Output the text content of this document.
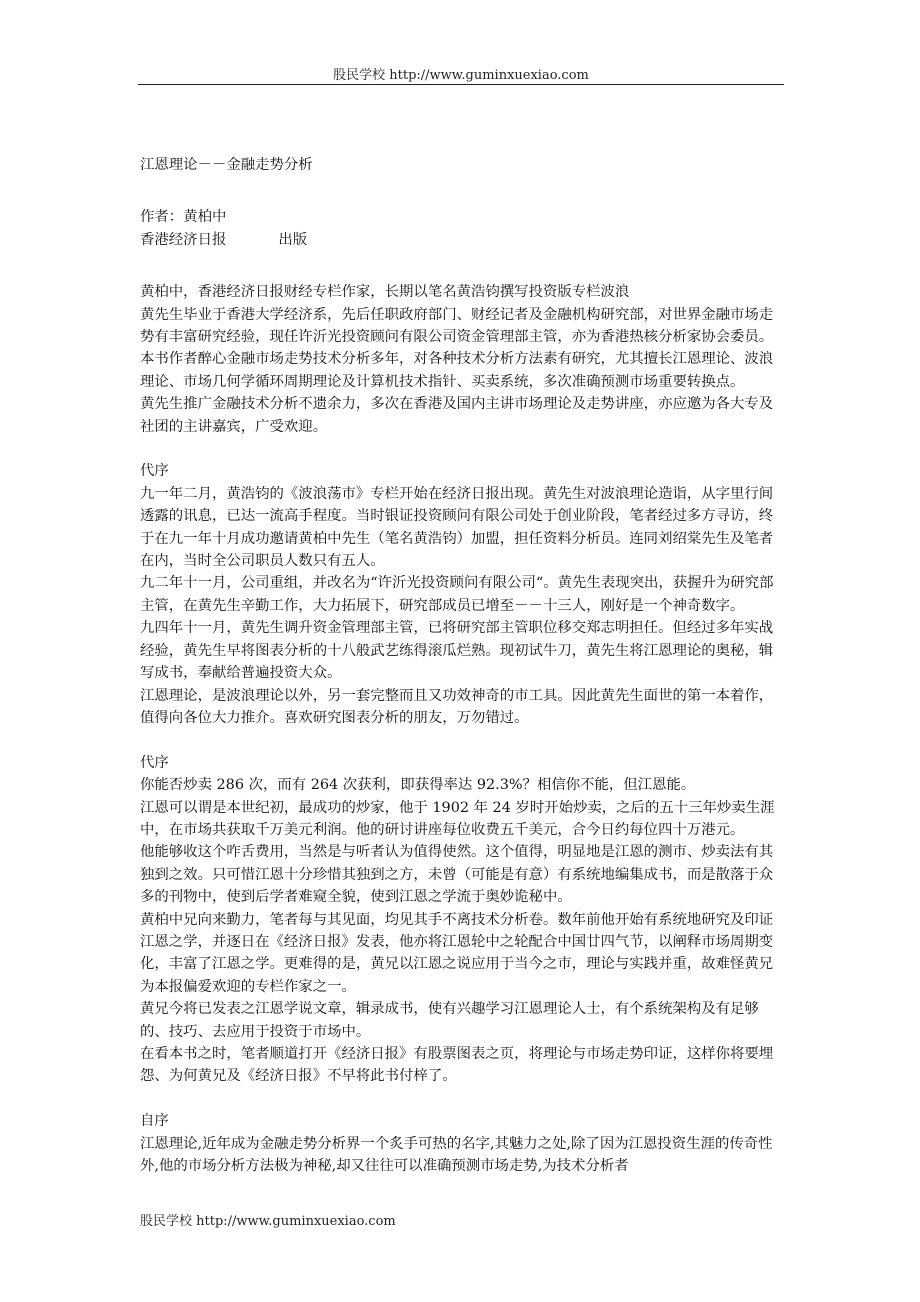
股民学校 http://www.guminxuexiao.com

江恩理论－－金融走势分析

作者：黄柏中

香港经济日报	出版

黄柏中，香港经济日报财经专栏作家，长期以笔名黄浩钧撰写投资版专栏波浪

黄先生毕业于香港大学经济系，先后任职政府部门、财经记者及金融机构研究部，对世界金融市场走势有丰富研究经验，现任许沂光投资顾问有限公司资金管理部主管，亦为香港热核分析家协会委员。本书作者醉心金融市场走势技术分析多年，对各种技术分析方法素有研究，尤其擅长江恩理论、波浪理论、市场几何学循环周期理论及计算机技术指针、买卖系统，多次准确预测市场重要转换点。

黄先生推广金融技术分析不遗余力，多次在香港及国内主讲市场理论及走势讲座，亦应邀为各大专及社团的主讲嘉宾，广受欢迎。

代序

九一年二月，黄浩钧的《波浪荡市》专栏开始在经济日报出现。黄先生对波浪理论造诣，从字里行间透露的讯息，已达一流高手程度。当时银证投资顾问有限公司处于创业阶段，笔者经过多方寻访，终于在九一年十月成功邀请黄柏中先生（笔名黄浩钧）加盟，担任资料分析员。连同刘绍棠先生及笔者在内，当时全公司职员人数只有五人。

九二年十一月，公司重组，并改名为“许沂光投资顾问有限公司“。黄先生表现突出，获握升为研究部主管，在黄先生辛勤工作，大力拓展下，研究部成员已增至－－十三人，刚好是一个神奇数字。

九四年十一月，黄先生调升资金管理部主管，已将研究部主管职位移交郑志明担任。但经过多年实战经验，黄先生早将图表分析的十八般武艺练得滚瓜烂熟。现初试牛刀，黄先生将江恩理论的奥秘，辑写成书，奉献给普遍投资大众。

江恩理论，是波浪理论以外，另一套完整而且又功效神奇的市工具。因此黄先生面世的第一本着作，值得向各位大力推介。喜欢研究图表分析的朋友，万勿错过。

代序

你能否炒卖 286 次，而有 264 次获利，即获得率达 92.3%？相信你不能，但江恩能。

江恩可以谓是本世纪初，最成功的炒家，他于 1902 年 24 岁时开始炒卖，之后的五十三年炒卖生涯中，在市场共获取千万美元利润。他的研讨讲座每位收费五千美元，合今日约每位四十万港元。

他能够收这个咋舌费用，当然是与听者认为值得使然。这个值得，明显地是江恩的测市、炒卖法有其独到之效。只可惜江恩十分珍惜其独到之方，未曾（可能是有意）有系统地编集成书，而是散落于众多的刊物中，使到后学者难窥全貌，使到江恩之学流于奥妙诡秘中。

黄柏中兄向来勤力，笔者每与其见面，均见其手不离技术分析卷。数年前他开始有系统地研究及印证江恩之学，并逐日在《经济日报》发表，他亦将江恩轮中之轮配合中国廿四气节，以阐释市场周期变化，丰富了江恩之学。更难得的是，黄兄以江恩之说应用于当今之市，理论与实践并重，故难怪黄兄为本报偏爱欢迎的专栏作家之一。

黄兄今将已发表之江恩学说文章，辑录成书，使有兴趣学习江恩理论人士，有个系统架构及有足够的、技巧、去应用于投资于市场中。

在看本书之时，笔者顺道打开《经济日报》有股票图表之页，将理论与市场走势印证，这样你将要埋怨、为何黄兄及《经济日报》不早将此书付梓了。

自序

江恩理论,近年成为金融走势分析界一个炙手可热的名字,其魅力之处,除了因为江恩投资生涯的传奇性外,他的市场分析方法极为神秘,却又往往可以准确预测市场走势,为技术分析者

股民学校 http://www.guminxuexiao.com
